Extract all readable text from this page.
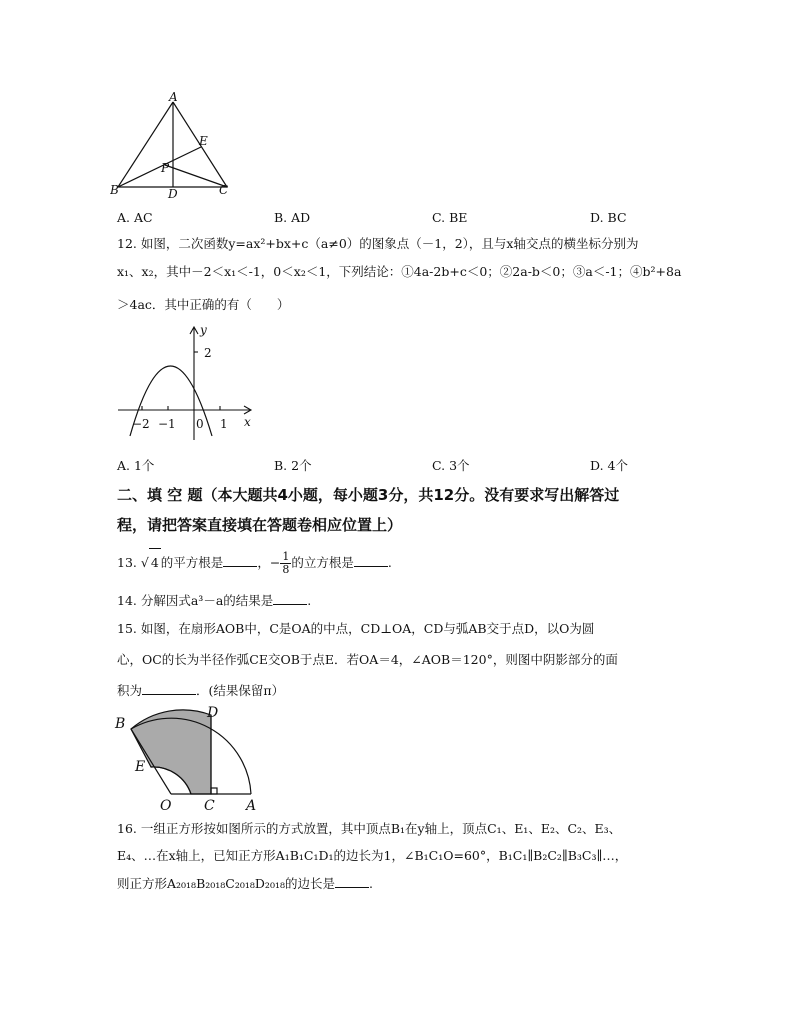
A
E
P
B	D	C
A. AC	B. AD	C. BE	D. BC
12. 如图，二次函数y=ax²+bx+c（a≠0）的图象点（－1，2），且与x轴交点的横坐标分别为
x₁、x₂，其中－2＜x₁＜-1，0＜x₂＜1，下列结论：①4a-2b+c＜0；②2a-b＜0；③a＜-1；④b²+8a
＞4ac．其中正确的有（　　）
y
2
−2 −1 0 1 x
A. 1个	B. 2个	C. 3个	D. 4个
二、填 空 题（本大题共4小题，每小题3分，共12分。没有要求写出解答过
程，请把答案直接填在答题卷相应位置上）
13. √ 4 的平方根是	，− $\frac{1}{8}$ 的立方根是	.
14. 分解因式a³－a的结果是	.
15. 如图，在扇形AOB中，C是OA的中点，CD⊥OA，CD与弧AB交于点D，以O为圆
心，OC的长为半径作弧CE交OB于点E．若OA＝4，∠AOB＝120°，则图中阴影部分的面
积为	．(结果保留π）
B
D
E
O C A
16. 一组正方形按如图所示的方式放置，其中顶点B₁在y轴上，顶点C₁、E₁、E₂、C₂、E₃、
E₄、…在x轴上，已知正方形A₁B₁C₁D₁的边长为1，∠B₁C₁O=60°，B₁C₁∥B₂C₂∥B₃C₃∥…，
则正方形A₂₀₁₈B₂₀₁₈C₂₀₁₈D₂₀₁₈的边长是	.
